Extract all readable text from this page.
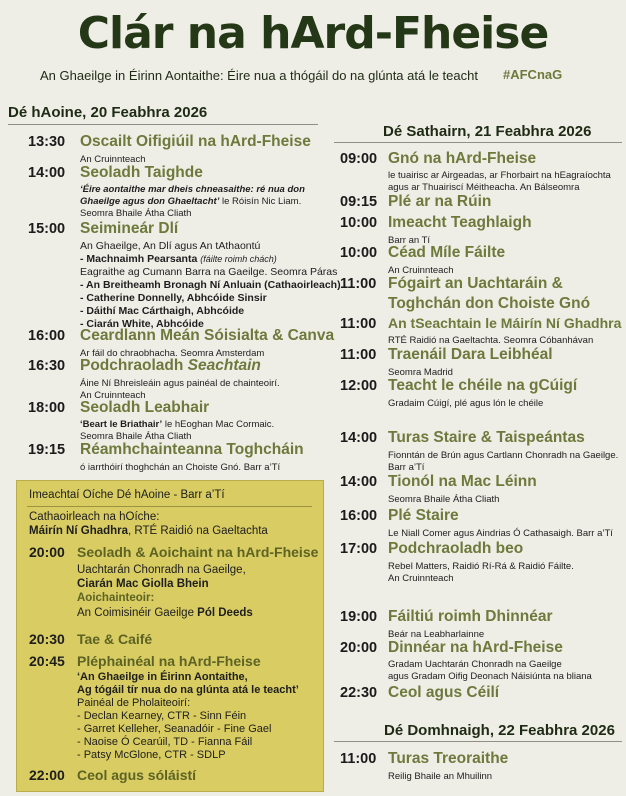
Clár na hArd-Fheise
An Ghaeilge in Éirinn Aontaithe: Éire nua a thógáil do na glúnta atá le teacht #AFCnaG
Dé hAoine, 20 Feabhra 2026
13:30 Oscailt Oifigiúil na hArd-Fheise
An Cruinnteach
14:00 Seoladh Taighde
‘Éire aontaithe mar dheis chneasaithe: ré nua don
Ghaeilge agus don Ghaeltacht’ le Róisín Nic Liam.
Seomra Bhaile Átha Cliath
15:00 Seimineár Dlí
An Ghaeilge, An Dlí agus An tAthaontú
- Machnaimh Pearsanta (fáilte roimh chách)
Eagraithe ag Cumann Barra na Gaeilge. Seomra Páras
- An Breitheamh Bronagh Ní Anluain (Cathaoirleach)
- Catherine Donnelly, Abhcóide Sinsir
- Dáithí Mac Cárthaigh, Abhcóide
- Ciarán White, Abhcóide
16:00 Ceardlann Meán Sóisialta & Canva
Ar fáil do chraobhacha. Seomra Amsterdam
16:30 Podchraoladh Seachtain
Áine Ní Bhreisleáin agus painéal de chainteoirí.
An Cruinnteach
18:00 Seoladh Leabhair
‘Beart le Briathair’ le hEoghan Mac Cormaic.
Seomra Bhaile Átha Cliath
19:15 Réamhchainteanna Toghcháin
ó iarrthóirí thoghchán an Choiste Gnó. Barr a’Tí
Imeachtaí Oíche Dé hAoine - Barr a’Tí
Cathaoirleach na hOíche:
Máirín Ní Ghadhra, RTÉ Raidió na Gaeltachta
20:00 Seoladh & Aoichaint na hArd-Fheise
Uachtarán Chonradh na Gaeilge,
Ciarán Mac Giolla Bhein
Aoichainteoir:
An Coimisinéir Gaeilge Pól Deeds
20:30 Tae & Caifé
20:45 Pléphainéal na hArd-Fheise
‘An Ghaeilge in Éirinn Aontaithe,
Ag tógáil tír nua do na glúnta atá le teacht’
Painéal de Pholaiteoirí:
- Declan Kearney, CTR - Sinn Féin
- Garret Kelleher, Seanadóir - Fine Gael
- Naoise Ó Cearúil, TD - Fianna Fáil
- Patsy McGlone, CTR - SDLP
22:00 Ceol agus sóláistí
Dé Sathairn, 21 Feabhra 2026
09:00 Gnó na hArd-Fheise
le tuairisc ar Airgeadas, ar Fhorbairt na hEagraíochta
agus ar Thuairiscí Méitheacha. An Bálseomra
09:15 Plé ar na Rúin
10:00 Imeacht Teaghlaigh
Barr an Tí
10:00 Céad Míle Fáilte
An Cruinnteach
11:00 Fógairt an Uachtaráin &
Toghchán don Choiste Gnó
11:00 An tSeachtain le Máirín Ní Ghadhra
RTÉ Raidió na Gaeltachta. Seomra Cóbanhávan
11:00 Traenáil Dara Leibhéal
Seomra Madrid
12:00 Teacht le chéile na gCúigí
Gradaim Cúigí, plé agus lón le chéile
14:00 Turas Staire & Taispeántas
Fionntán de Brún agus Cartlann Chonradh na Gaeilge.
Barr a’Tí
14:00 Tionól na Mac Léinn
Seomra Bhaile Átha Cliath
16:00 Plé Staire
Le Niall Comer agus Aindrias Ó Cathasaigh. Barr a’Tí
17:00 Podchraoladh beo
Rebel Matters, Raidió Rí-Rá & Raidió Fáilte.
An Cruinnteach
19:00 Fáiltiú roimh Dhinnéar
Beár na Leabharlainne
20:00 Dinnéar na hArd-Fheise
Gradam Uachtarán Chonradh na Gaeilge
agus Gradam Oifig Deonach Náisiúnta na bliana
22:30 Ceol agus Céilí
Dé Domhnaigh, 22 Feabhra 2026
11:00 Turas Treoraithe
Reilig Bhaile an Mhuilinn
